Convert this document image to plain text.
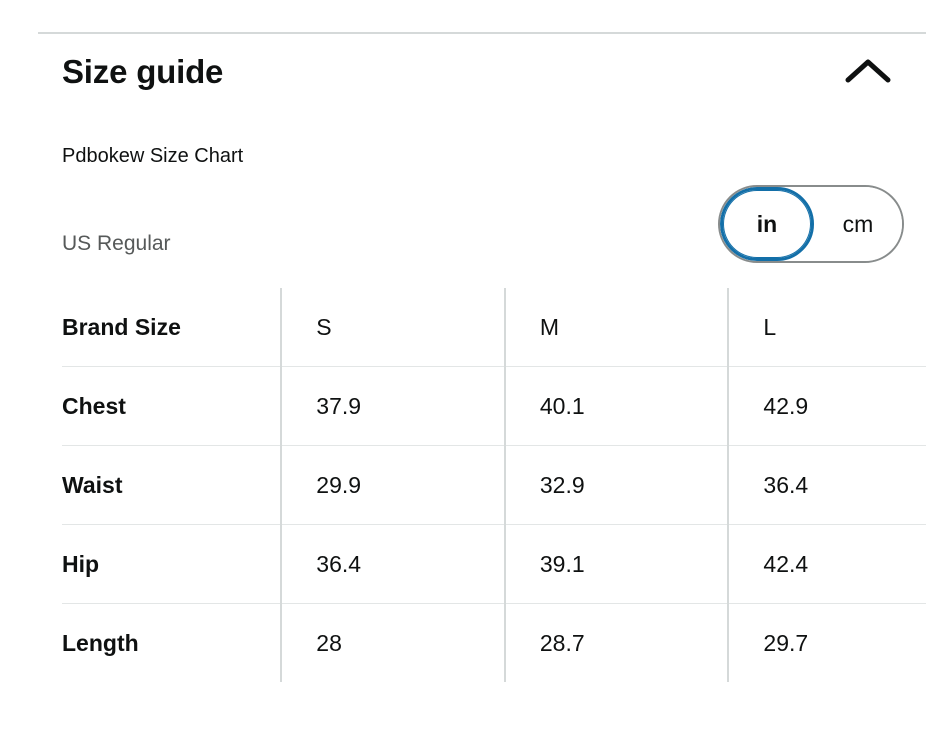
Size guide
Pdbokew Size Chart
US Regular
in	cm
Brand Size	S	M	L
Chest	37.9	40.1	42.9
Waist	29.9	32.9	36.4
Hip	36.4	39.1	42.4
Length	28	28.7	29.7
